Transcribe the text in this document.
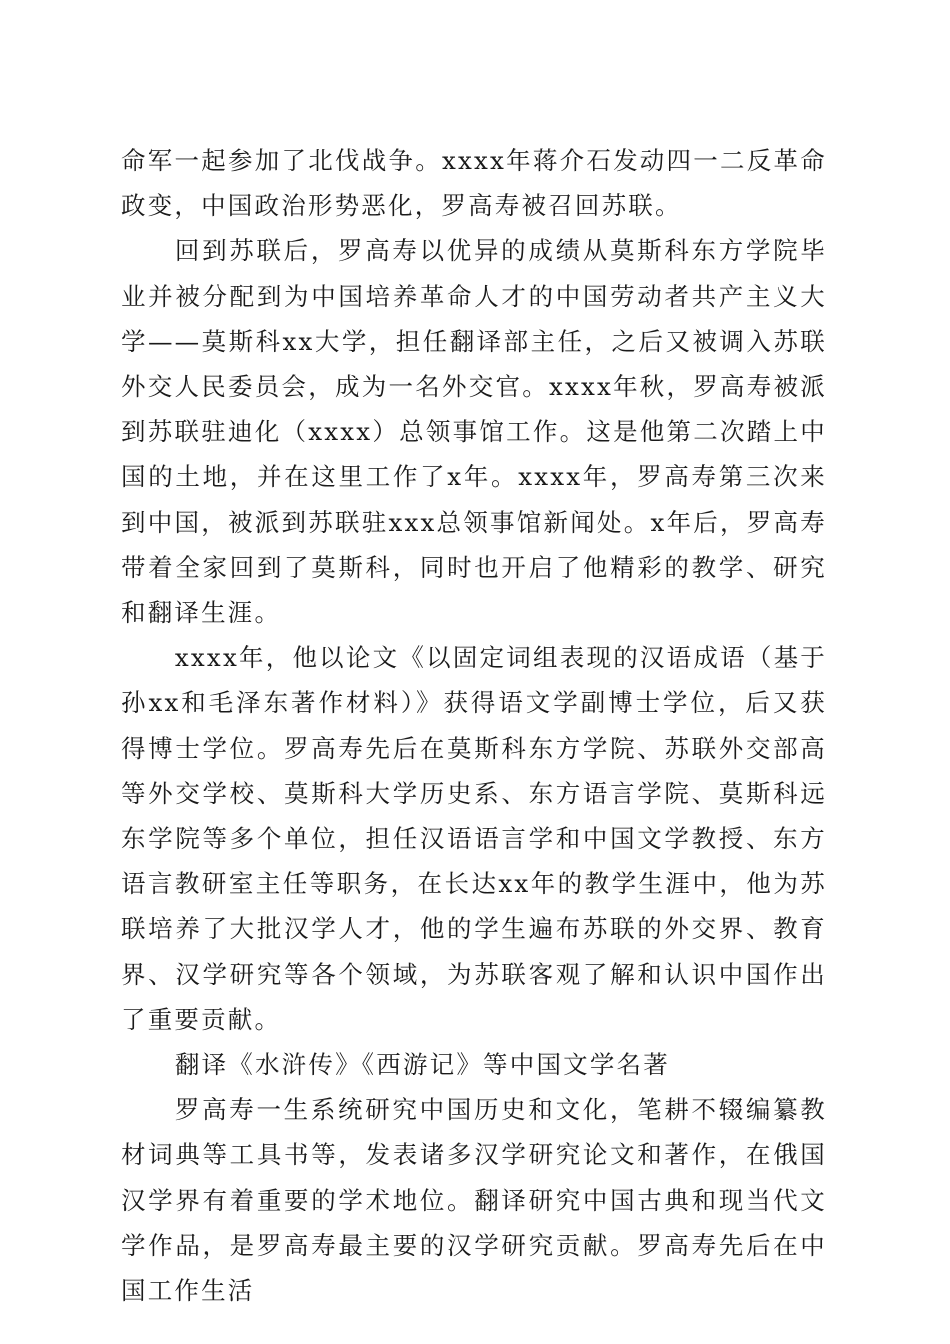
命军一起参加了北伐战争。xxxx年蒋介石发动四一二反革命政变，中国政治形势恶化，罗高寿被召回苏联。

回到苏联后，罗高寿以优异的成绩从莫斯科东方学院毕业并被分配到为中国培养革命人才的中国劳动者共产主义大学——莫斯科xx大学，担任翻译部主任，之后又被调入苏联外交人民委员会，成为一名外交官。xxxx年秋，罗高寿被派到苏联驻迪化（xxxx）总领事馆工作。这是他第二次踏上中国的土地，并在这里工作了x年。xxxx年，罗高寿第三次来到中国，被派到苏联驻xxx总领事馆新闻处。x年后，罗高寿带着全家回到了莫斯科，同时也开启了他精彩的教学、研究和翻译生涯。

xxxx年，他以论文《以固定词组表现的汉语成语（基于孙xx和毛泽东著作材料）》获得语文学副博士学位，后又获得博士学位。罗高寿先后在莫斯科东方学院、苏联外交部高等外交学校、莫斯科大学历史系、东方语言学院、莫斯科远东学院等多个单位，担任汉语语言学和中国文学教授、东方语言教研室主任等职务，在长达xx年的教学生涯中，他为苏联培养了大批汉学人才，他的学生遍布苏联的外交界、教育界、汉学研究等各个领域，为苏联客观了解和认识中国作出了重要贡献。

翻译《水浒传》《西游记》等中国文学名著

罗高寿一生系统研究中国历史和文化，笔耕不辍编纂教材词典等工具书等，发表诸多汉学研究论文和著作，在俄国汉学界有着重要的学术地位。翻译研究中国古典和现当代文学作品，是罗高寿最主要的汉学研究贡献。罗高寿先后在中国工作生活
